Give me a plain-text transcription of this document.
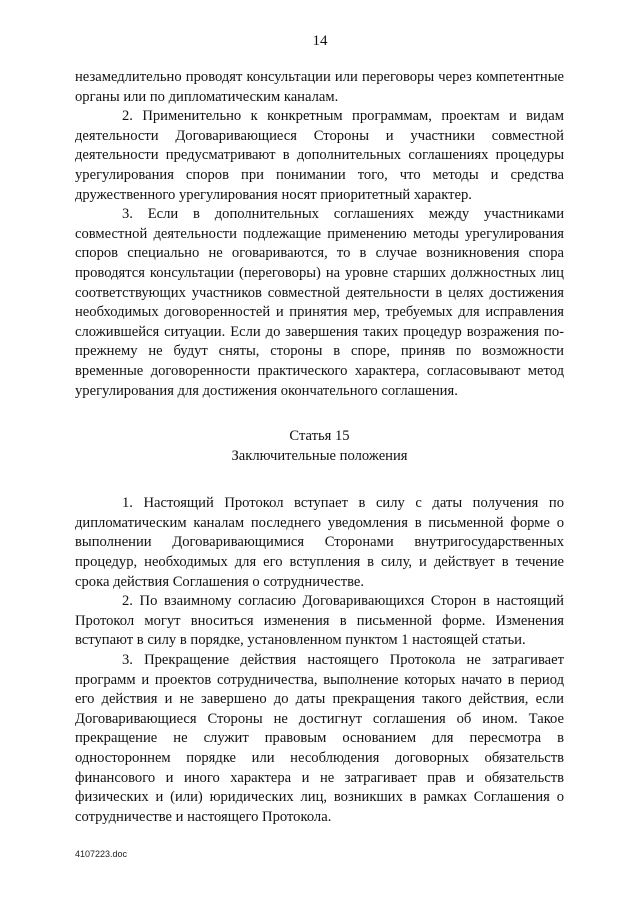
14

незамедлительно проводят консультации или переговоры через компетентные органы или по дипломатическим каналам.

2. Применительно к конкретным программам, проектам и видам деятельности Договаривающиеся Стороны и участники совместной деятельности предусматривают в дополнительных соглашениях процедуры урегулирования споров при понимании того, что методы и средства дружественного урегулирования носят приоритетный характер.

3. Если в дополнительных соглашениях между участниками совместной деятельности подлежащие применению методы урегулирования споров специально не оговариваются, то в случае возникновения спора проводятся консультации (переговоры) на уровне старших должностных лиц соответствующих участников совместной деятельности в целях достижения необходимых договоренностей и принятия мер, требуемых для исправления сложившейся ситуации. Если до завершения таких процедур возражения по-прежнему не будут сняты, стороны в споре, приняв по возможности временные договоренности практического характера, согласовывают метод урегулирования для достижения окончательного соглашения.

Статья 15
Заключительные положения

1. Настоящий Протокол вступает в силу с даты получения по дипломатическим каналам последнего уведомления в письменной форме о выполнении Договаривающимися Сторонами внутригосударственных процедур, необходимых для его вступления в силу, и действует в течение срока действия Соглашения о сотрудничестве.

2. По взаимному согласию Договаривающихся Сторон в настоящий Протокол могут вноситься изменения в письменной форме. Изменения вступают в силу в порядке, установленном пунктом 1 настоящей статьи.

3. Прекращение действия настоящего Протокола не затрагивает программ и проектов сотрудничества, выполнение которых начато в период его действия и не завершено до даты прекращения такого действия, если Договаривающиеся Стороны не достигнут соглашения об ином. Такое прекращение не служит правовым основанием для пересмотра в одностороннем порядке или несоблюдения договорных обязательств финансового и иного характера и не затрагивает прав и обязательств физических и (или) юридических лиц, возникших в рамках Соглашения о сотрудничестве и настоящего Протокола.

4107223.doc
